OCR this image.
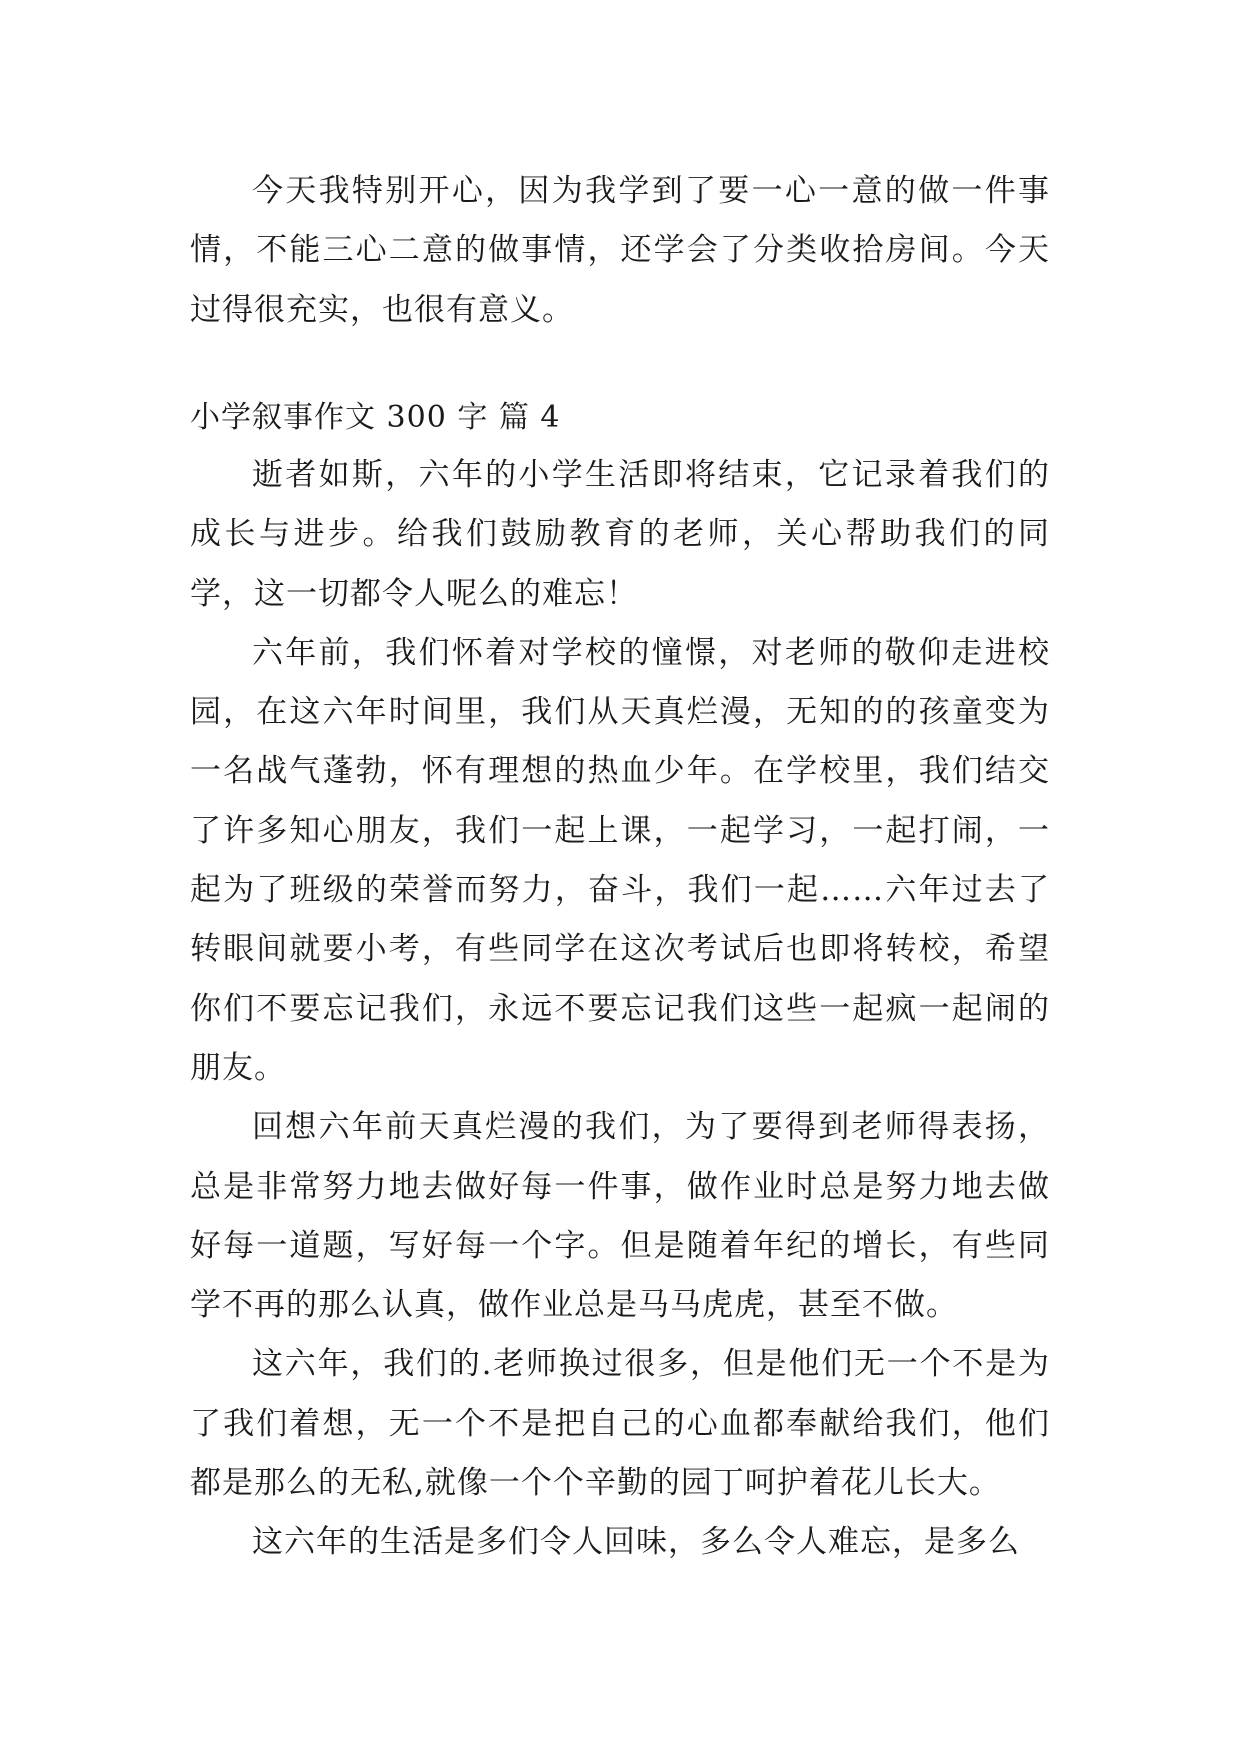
今天我特别开心，因为我学到了要一心一意的做一件事情，不能三心二意的做事情，还学会了分类收拾房间。今天过得很充实，也很有意义。

小学叙事作文 300 字 篇 4

逝者如斯，六年的小学生活即将结束，它记录着我们的成长与进步。给我们鼓励教育的老师，关心帮助我们的同学，这一切都令人呢么的难忘！

六年前，我们怀着对学校的憧憬，对老师的敬仰走进校园，在这六年时间里，我们从天真烂漫，无知的的孩童变为一名战气蓬勃，怀有理想的热血少年。在学校里，我们结交了许多知心朋友，我们一起上课，一起学习，一起打闹，一起为了班级的荣誉而努力，奋斗，我们一起……六年过去了转眼间就要小考，有些同学在这次考试后也即将转校，希望你们不要忘记我们，永远不要忘记我们这些一起疯一起闹的朋友。

回想六年前天真烂漫的我们，为了要得到老师得表扬，总是非常努力地去做好每一件事，做作业时总是努力地去做好每一道题，写好每一个字。但是随着年纪的增长，有些同学不再的那么认真，做作业总是马马虎虎，甚至不做。

这六年，我们的.老师换过很多，但是他们无一个不是为了我们着想，无一个不是把自己的心血都奉献给我们，他们都是那么的无私,就像一个个辛勤的园丁呵护着花儿长大。

这六年的生活是多们令人回味，多么令人难忘，是多么
